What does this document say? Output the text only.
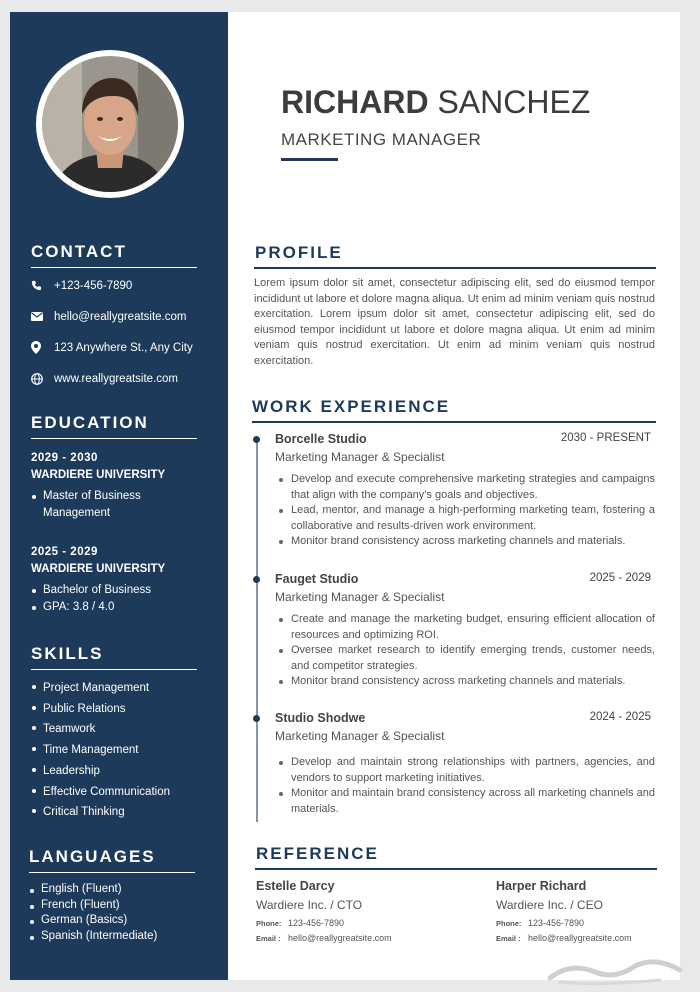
CONTACT
+123-456-7890
hello@reallygreatsite.com
123 Anywhere St., Any City
www.reallygreatsite.com
EDUCATION
2029 - 2030
WARDIERE UNIVERSITY
Master of Business Management
2025 - 2029
WARDIERE UNIVERSITY
Bachelor of Business
GPA: 3.8 / 4.0
SKILLS
Project Management
Public Relations
Teamwork
Time Management
Leadership
Effective Communication
Critical Thinking
LANGUAGES
English (Fluent)
French (Fluent)
German (Basics)
Spanish (Intermediate)
RICHARD SANCHEZ
MARKETING MANAGER
PROFILE
Lorem ipsum dolor sit amet, consectetur adipiscing elit, sed do eiusmod tempor incididunt ut labore et dolore magna aliqua. Ut enim ad minim veniam quis nostrud exercitation. Lorem ipsum dolor sit amet, consectetur adipiscing elit, sed do eiusmod tempor incididunt ut labore et dolore magna aliqua. Ut enim ad minim veniam quis nostrud exercitation. Ut enim ad minim veniam quis nostrud exercitation.
WORK EXPERIENCE
Borcelle Studio	2030 - PRESENT
Marketing Manager & Specialist
Develop and execute comprehensive marketing strategies and campaigns that align with the company's goals and objectives.
Lead, mentor, and manage a high-performing marketing team, fostering a collaborative and results-driven work environment.
Monitor brand consistency across marketing channels and materials.
Fauget Studio	2025 - 2029
Marketing Manager & Specialist
Create and manage the marketing budget, ensuring efficient allocation of resources and optimizing ROI.
Oversee market research to identify emerging trends, customer needs, and competitor strategies.
Monitor brand consistency across marketing channels and materials.
Studio Shodwe	2024 - 2025
Marketing Manager & Specialist
Develop and maintain strong relationships with partners, agencies, and vendors to support marketing initiatives.
Monitor and maintain brand consistency across all marketing channels and materials.
REFERENCE
Estelle Darcy
Wardiere Inc. / CTO
Phone: 123-456-7890
Email : hello@reallygreatsite.com
Harper Richard
Wardiere Inc. / CEO
Phone: 123-456-7890
Email : hello@reallygreatsite.com
